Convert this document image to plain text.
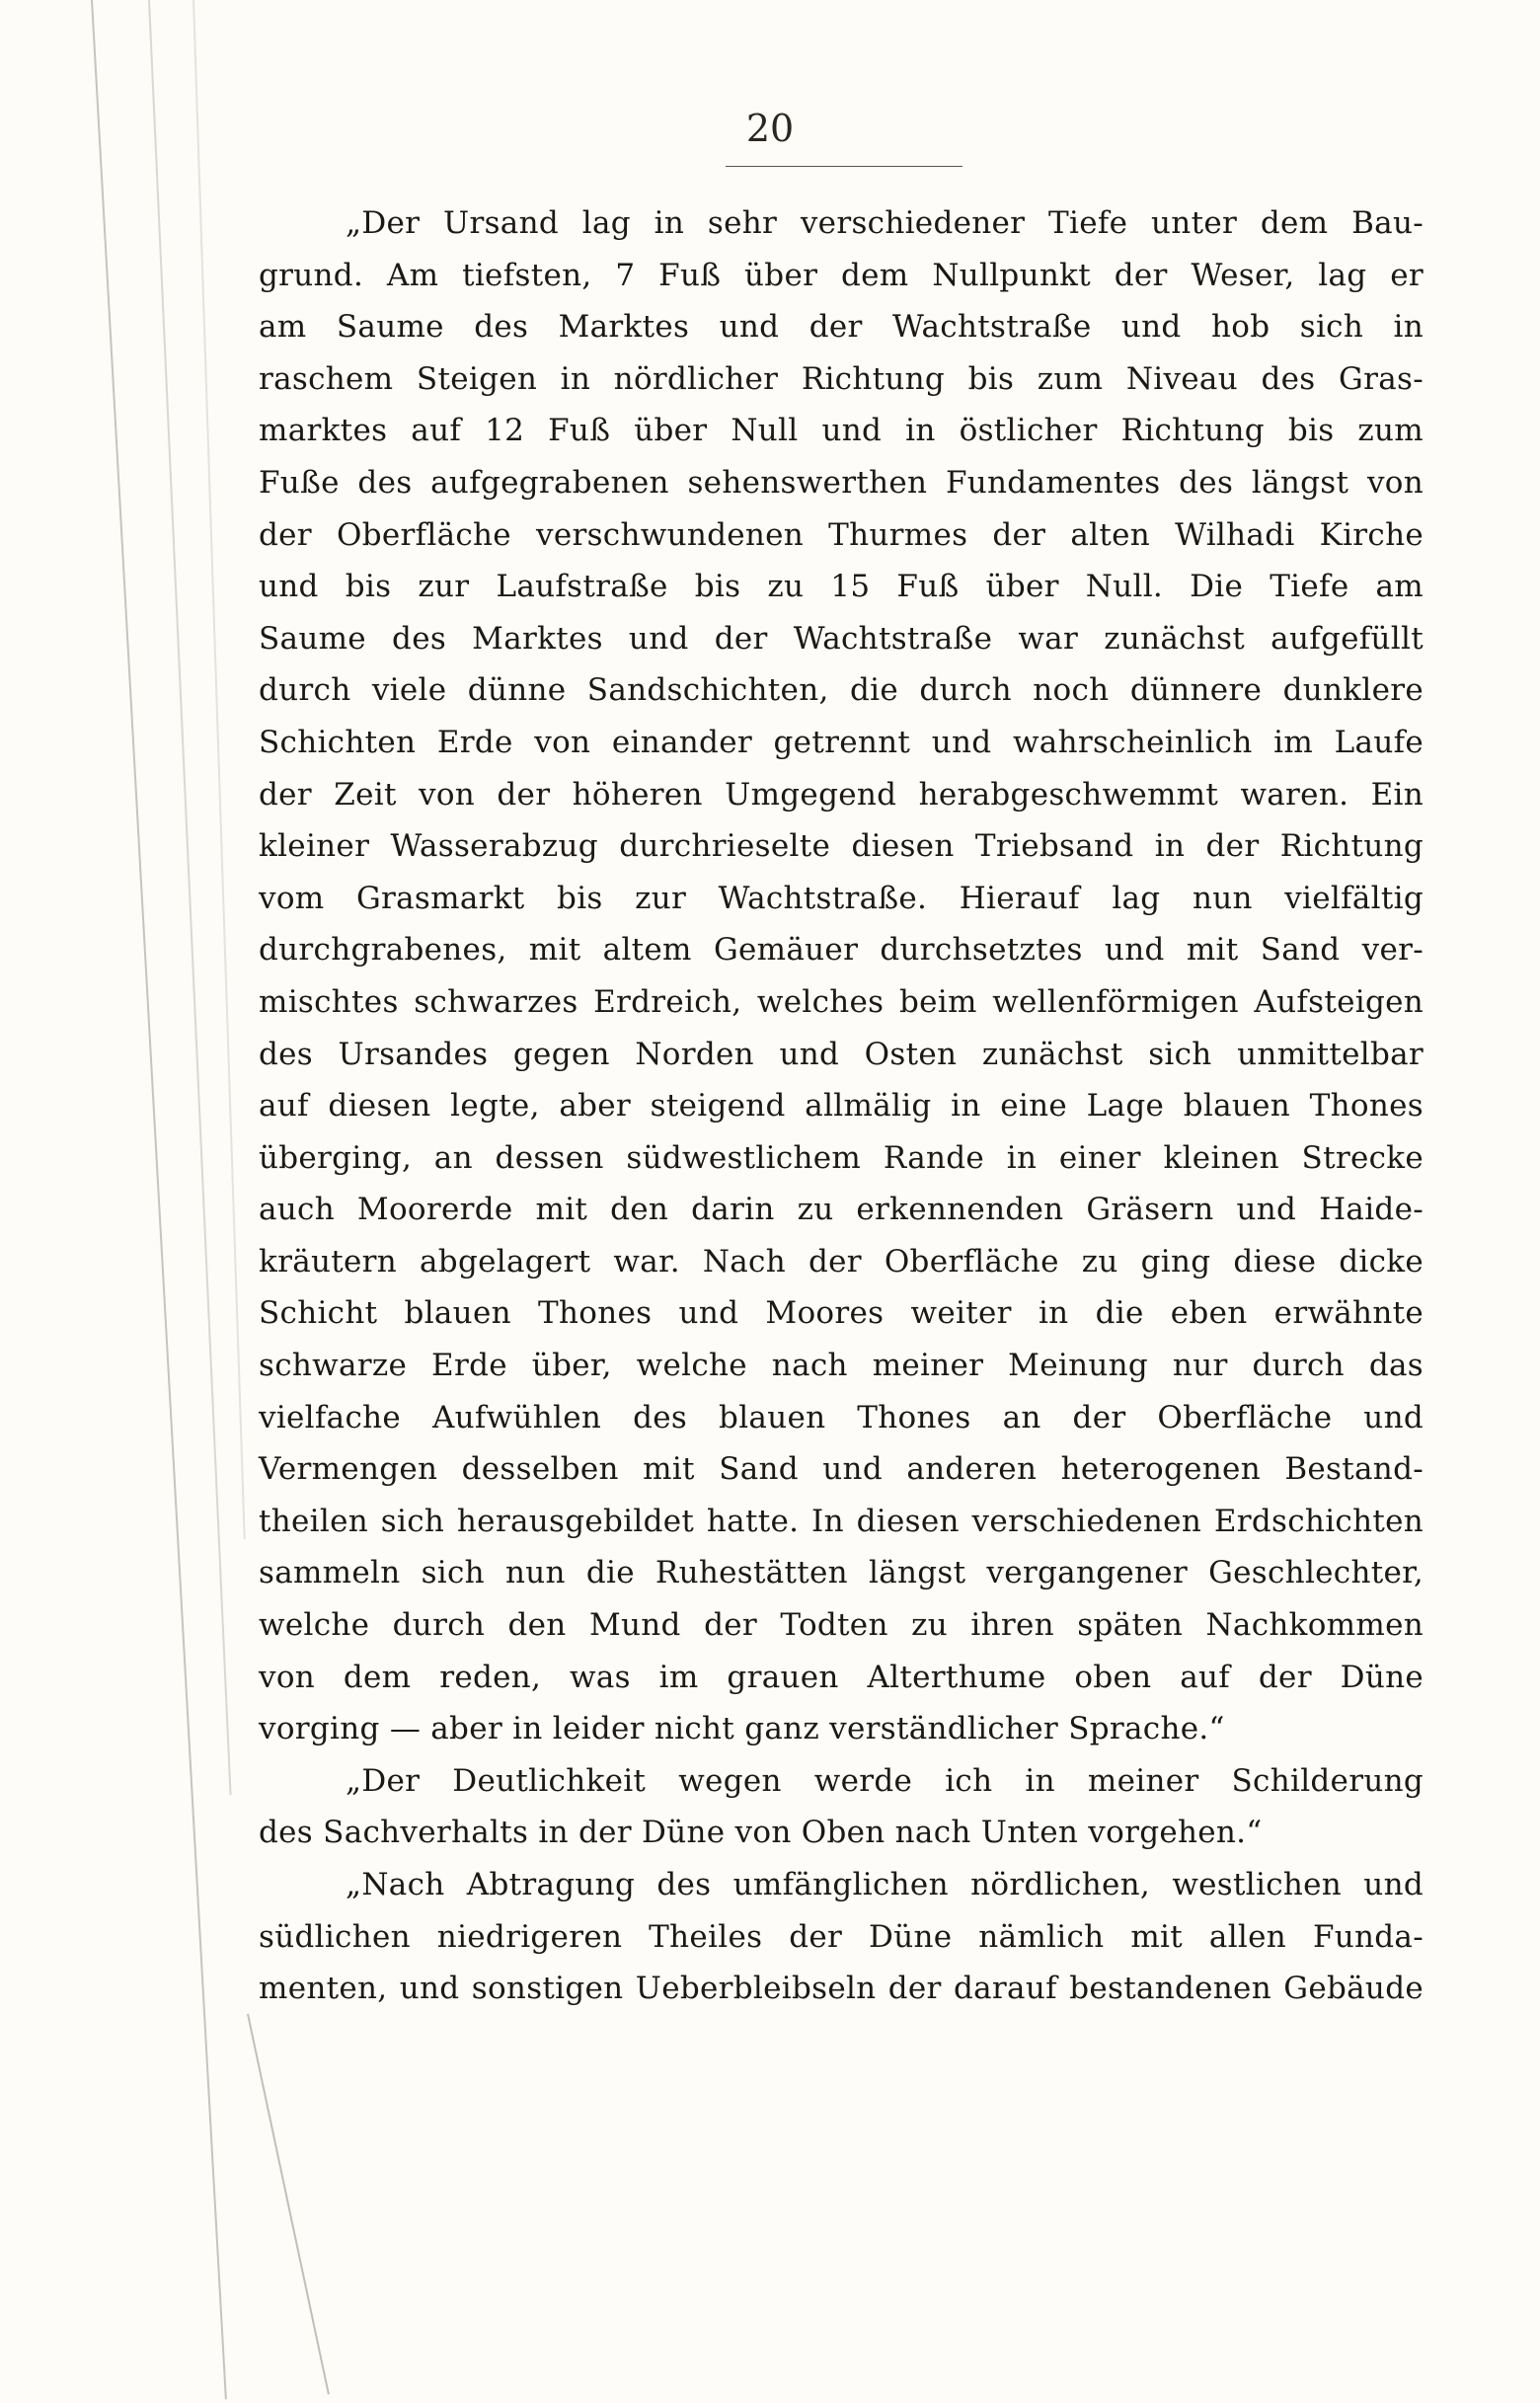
20
„Der Ursand lag in sehr verschiedener Tiefe unter dem Bau-
grund. Am tiefsten, 7 Fuß über dem Nullpunkt der Weser, lag er
am Saume des Marktes und der Wachtstraße und hob sich in
raschem Steigen in nördlicher Richtung bis zum Niveau des Gras-
marktes auf 12 Fuß über Null und in östlicher Richtung bis zum
Fuße des aufgegrabenen sehenswerthen Fundamentes des längst von
der Oberfläche verschwundenen Thurmes der alten Wilhadi Kirche
und bis zur Laufstraße bis zu 15 Fuß über Null. Die Tiefe am
Saume des Marktes und der Wachtstraße war zunächst aufgefüllt
durch viele dünne Sandschichten, die durch noch dünnere dunklere
Schichten Erde von einander getrennt und wahrscheinlich im Laufe
der Zeit von der höheren Umgegend herabgeschwemmt waren. Ein
kleiner Wasserabzug durchrieselte diesen Triebsand in der Richtung
vom Grasmarkt bis zur Wachtstraße. Hierauf lag nun vielfältig
durchgrabenes, mit altem Gemäuer durchsetztes und mit Sand ver-
mischtes schwarzes Erdreich, welches beim wellenförmigen Aufsteigen
des Ursandes gegen Norden und Osten zunächst sich unmittelbar
auf diesen legte, aber steigend allmälig in eine Lage blauen Thones
überging, an dessen südwestlichem Rande in einer kleinen Strecke
auch Moorerde mit den darin zu erkennenden Gräsern und Haide-
kräutern abgelagert war. Nach der Oberfläche zu ging diese dicke
Schicht blauen Thones und Moores weiter in die eben erwähnte
schwarze Erde über, welche nach meiner Meinung nur durch das
vielfache Aufwühlen des blauen Thones an der Oberfläche und
Vermengen desselben mit Sand und anderen heterogenen Bestand-
theilen sich herausgebildet hatte. In diesen verschiedenen Erdschichten
sammeln sich nun die Ruhestätten längst vergangener Geschlechter,
welche durch den Mund der Todten zu ihren späten Nachkommen
von dem reden, was im grauen Alterthume oben auf der Düne
vorging — aber in leider nicht ganz verständlicher Sprache.“
„Der Deutlichkeit wegen werde ich in meiner Schilderung
des Sachverhalts in der Düne von Oben nach Unten vorgehen.“
„Nach Abtragung des umfänglichen nördlichen, westlichen und
südlichen niedrigeren Theiles der Düne nämlich mit allen Funda-
menten, und sonstigen Ueberbleibseln der darauf bestandenen Gebäude
